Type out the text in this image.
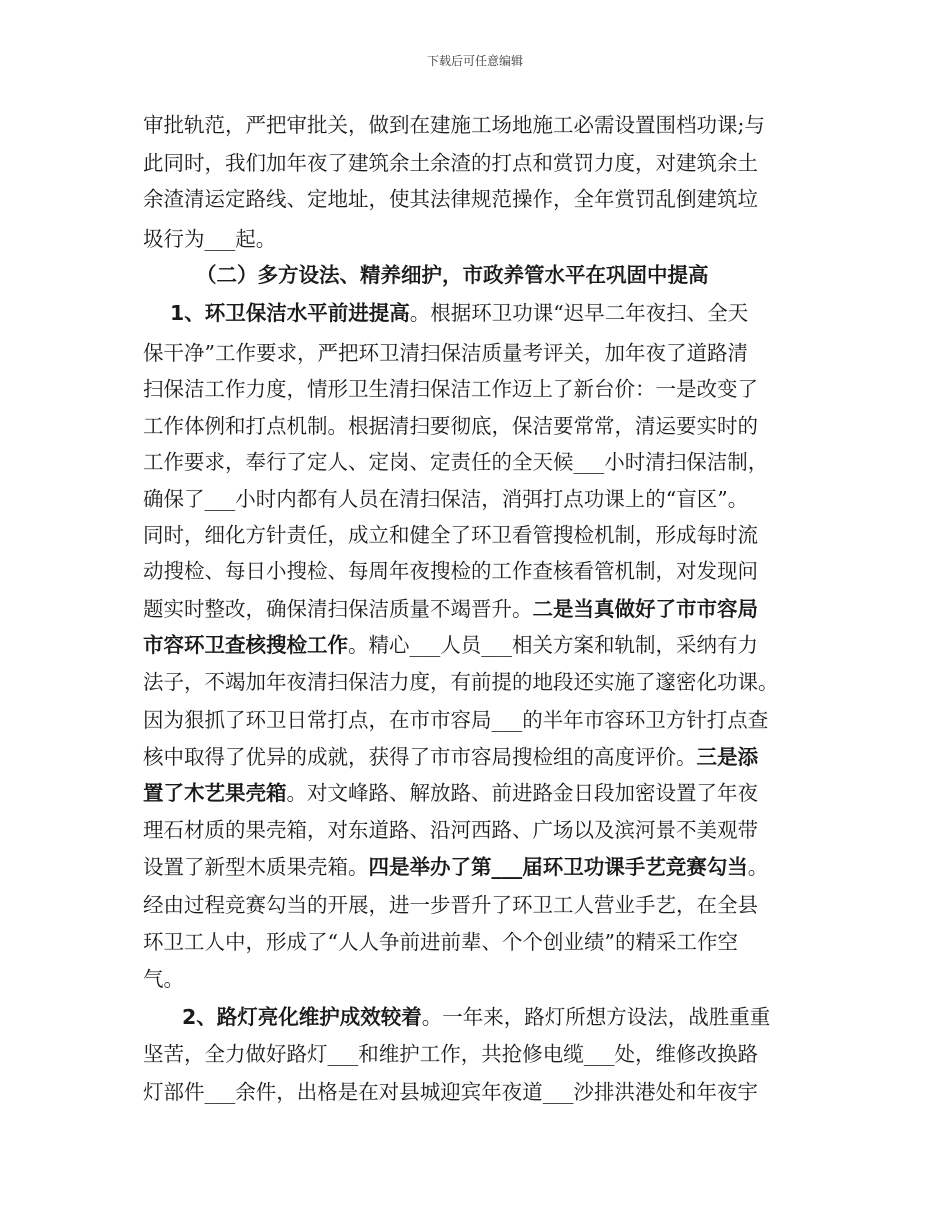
下载后可任意编辑
审批轨范，严把审批关，做到在建施工场地施工必需设置围档功课;与
此同时，我们加年夜了建筑余土余渣的打点和赏罚力度，对建筑余土
余渣清运定路线、定地址，使其法律规范操作，全年赏罚乱倒建筑垃
圾行为___起。
（二）多方设法、精养细护，市政养管水平在巩固中提高
1、环卫保洁水平前进提高。根据环卫功课“迟早二年夜扫、全天
保干净”工作要求，严把环卫清扫保洁质量考评关，加年夜了道路清
扫保洁工作力度，情形卫生清扫保洁工作迈上了新台价：一是改变了
工作体例和打点机制。根据清扫要彻底，保洁要常常，清运要实时的
工作要求，奉行了定人、定岗、定责任的全天候___小时清扫保洁制，
确保了___小时内都有人员在清扫保洁，消弭打点功课上的“盲区”。
同时，细化方针责任，成立和健全了环卫看管搜检机制，形成每时流
动搜检、每日小搜检、每周年夜搜检的工作查核看管机制，对发现问
题实时整改，确保清扫保洁质量不竭晋升。二是当真做好了市市容局
市容环卫查核搜检工作。精心___人员___相关方案和轨制，采纳有力
法子，不竭加年夜清扫保洁力度，有前提的地段还实施了邃密化功课。
因为狠抓了环卫日常打点，在市市容局___的半年市容环卫方针打点查
核中取得了优异的成就，获得了市市容局搜检组的高度评价。三是添
置了木艺果壳箱。对文峰路、解放路、前进路金日段加密设置了年夜
理石材质的果壳箱，对东道路、沿河西路、广场以及滨河景不美观带
设置了新型木质果壳箱。四是举办了第___届环卫功课手艺竞赛勾当。
经由过程竞赛勾当的开展，进一步晋升了环卫工人营业手艺，在全县
环卫工人中，形成了“人人争前进前辈、个个创业绩”的精采工作空
气。
2、路灯亮化维护成效较着。一年来，路灯所想方设法，战胜重重
坚苦，全力做好路灯___和维护工作，共抢修电缆___处，维修改换路
灯部件___余件，出格是在对县城迎宾年夜道___沙排洪港处和年夜宇
